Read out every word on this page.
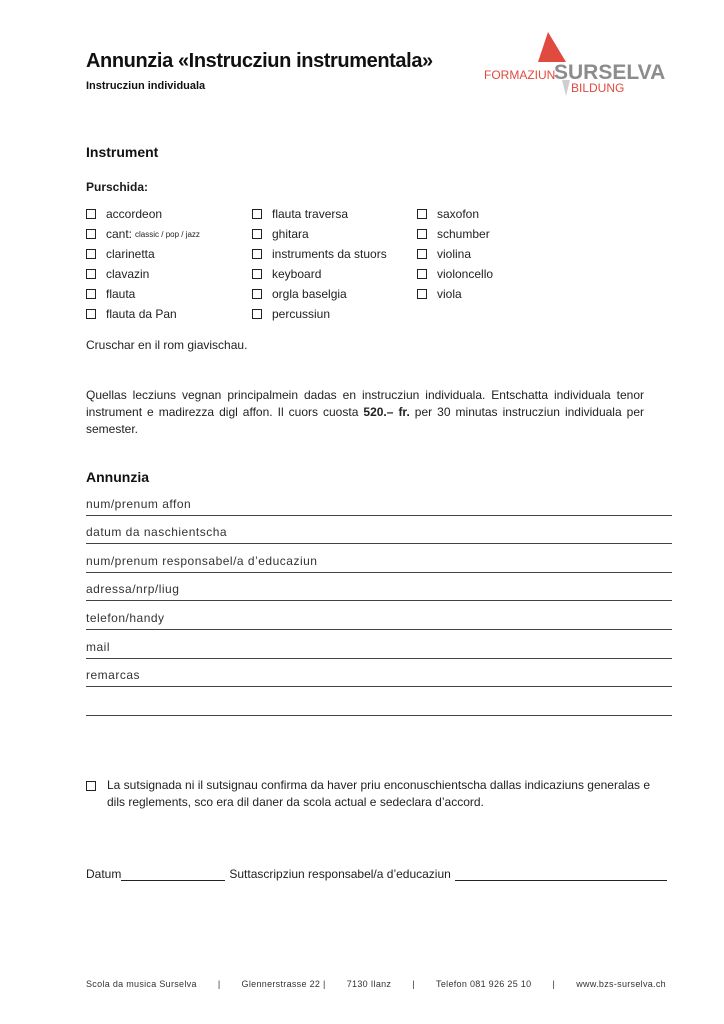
Annunzia «Instrucziun instrumentala»
Instrucziun individuala
FORMAZIUN
SURSELVA
BILDUNG
Instrument
Purschida:
accordeon
cant: classic / pop / jazz
clarinetta
clavazin
flauta
flauta da Pan
flauta traversa
ghitara
instruments da stuors
keyboard
orgla baselgia
percussiun
saxofon
schumber
violina
violoncello
viola
Cruschar en il rom giavischau.
Quellas lecziuns vegnan principalmein dadas en instrucziun individuala. Entschatta individuala tenor instrument e madirezza digl affon. Il cuors cuosta 520.– fr. per 30 minutas instrucziun individuala per semester.
Annunzia
num/prenum affon
datum da naschientscha
num/prenum responsabel/a d’educaziun
adressa/nrp/liug
telefon/handy
mail
remarcas
La sutsignada ni il sutsignau confirma da haver priu enconuschientscha dallas indicaziuns generalas e dils reglements, sco era dil daner da scola actual e sedeclara d’accord.
Datum	Suttascripziun responsabel/a d’educaziun
Scola da musica Surselva | Glennerstrasse 22 | 7130 Ilanz | Telefon 081 926 25 10 | www.bzs-surselva.ch
